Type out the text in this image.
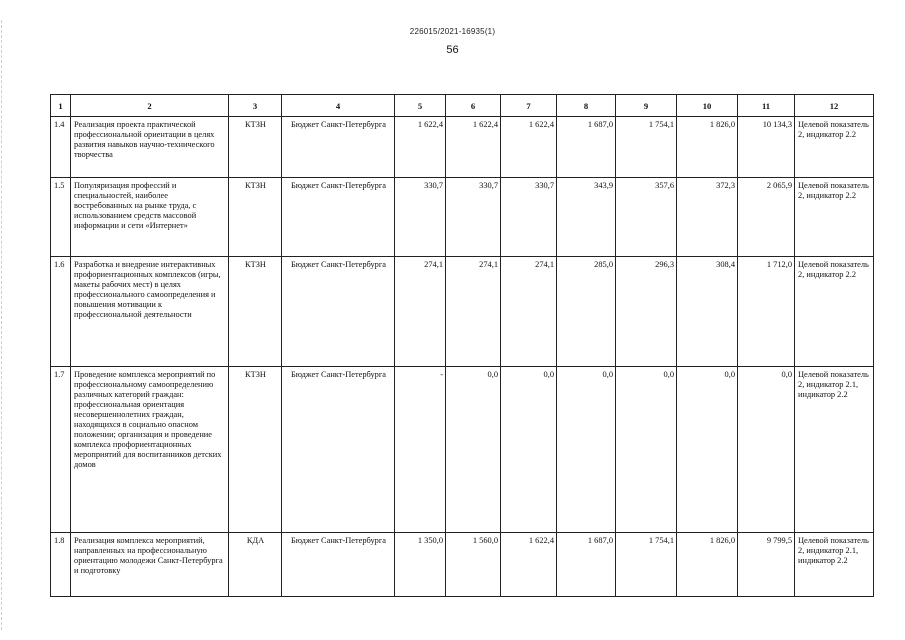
226015/2021-16935(1)
56
1	2	3	4	5	6	7	8	9	10	11	12
1.4	Реализация проекта практической профессиональной ориентации в целях развития навыков научно-технического творчества	КТЗН	Бюджет Санкт-Петербурга	1 622,4	1 622,4	1 622,4	1 687,0	1 754,1	1 826,0	10 134,3	Целевой показатель 2, индикатор 2.2
1.5	Популяризация профессий и специальностей, наиболее востребованных на рынке труда, с использованием средств массовой информации и сети «Интернет»	КТЗН	Бюджет Санкт-Петербурга	330,7	330,7	330,7	343,9	357,6	372,3	2 065,9	Целевой показатель 2, индикатор 2.2
1.6	Разработка и внедрение интерактивных профориентационных комплексов (игры, макеты рабочих мест) в целях профессионального самоопределения и повышения мотивации к профессиональной деятельности	КТЗН	Бюджет Санкт-Петербурга	274,1	274,1	274,1	285,0	296,3	308,4	1 712,0	Целевой показатель 2, индикатор 2.2
1.7	Проведение комплекса мероприятий по профессиональному самоопределению различных категорий граждан: профессиональная ориентация несовершеннолетних граждан, находящихся в социально опасном положении; организация и проведение комплекса профориентационных мероприятий для воспитанников детских домов	КТЗН	Бюджет Санкт-Петербурга	-	0,0	0,0	0,0	0,0	0,0	0,0	Целевой показатель 2, индикатор 2.1, индикатор 2.2
1.8	Реализация комплекса мероприятий, направленных на профессиональную ориентацию молодежи Санкт-Петербурга и подготовку	КДА	Бюджет Санкт-Петербурга	1 350,0	1 560,0	1 622,4	1 687,0	1 754,1	1 826,0	9 799,5	Целевой показатель 2, индикатор 2.1, индикатор 2.2
